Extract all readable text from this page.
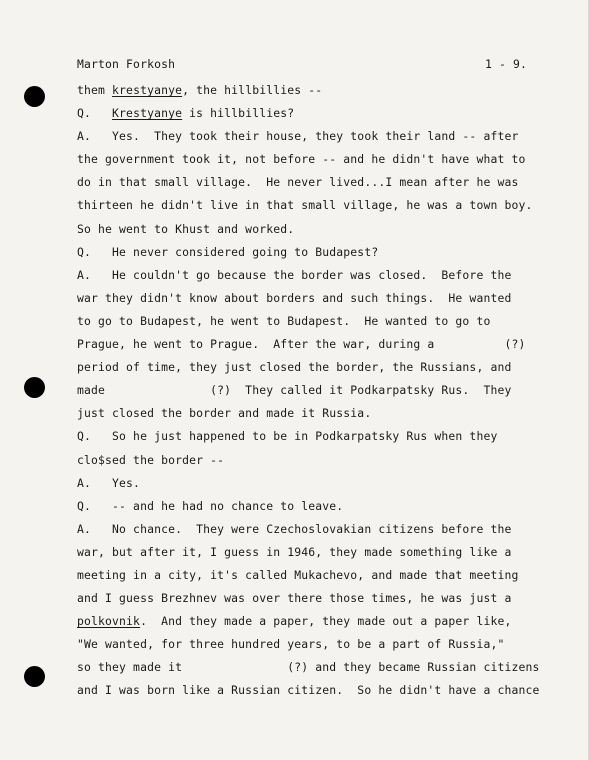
Marton Forkosh

	1 - 9.

them krestyanye, the hillbillies --
Q.   Krestyanye is hillbillies?
A.   Yes.  They took their house, they took their land -- after
the government took it, not before -- and he didn't have what to
do in that small village.  He never lived...I mean after he was
thirteen he didn't live in that small village, he was a town boy.
So he went to Khust and worked.
Q.   He never considered going to Budapest?
A.   He couldn't go because the border was closed.  Before the
war they didn't know about borders and such things.  He wanted
to go to Budapest, he went to Budapest.  He wanted to go to
Prague, he went to Prague.  After the war, during a          (?)
period of time, they just closed the border, the Russians, and
made               (?)  They called it Podkarpatsky Rus.  They
just closed the border and made it Russia.
Q.   So he just happened to be in Podkarpatsky Rus when they
clo$sed the border --
A.   Yes.
Q.   -- and he had no chance to leave.
A.   No chance.  They were Czechoslovakian citizens before the
war, but after it, I guess in 1946, they made something like a
meeting in a city, it's called Mukachevo, and made that meeting
and I guess Brezhnev was over there those times, he was just a
polkovnik.  And they made a paper, they made out a paper like,
"We wanted, for three hundred years, to be a part of Russia,"
so they made it               (?) and they became Russian citizens
and I was born like a Russian citizen.  So he didn't have a chance
